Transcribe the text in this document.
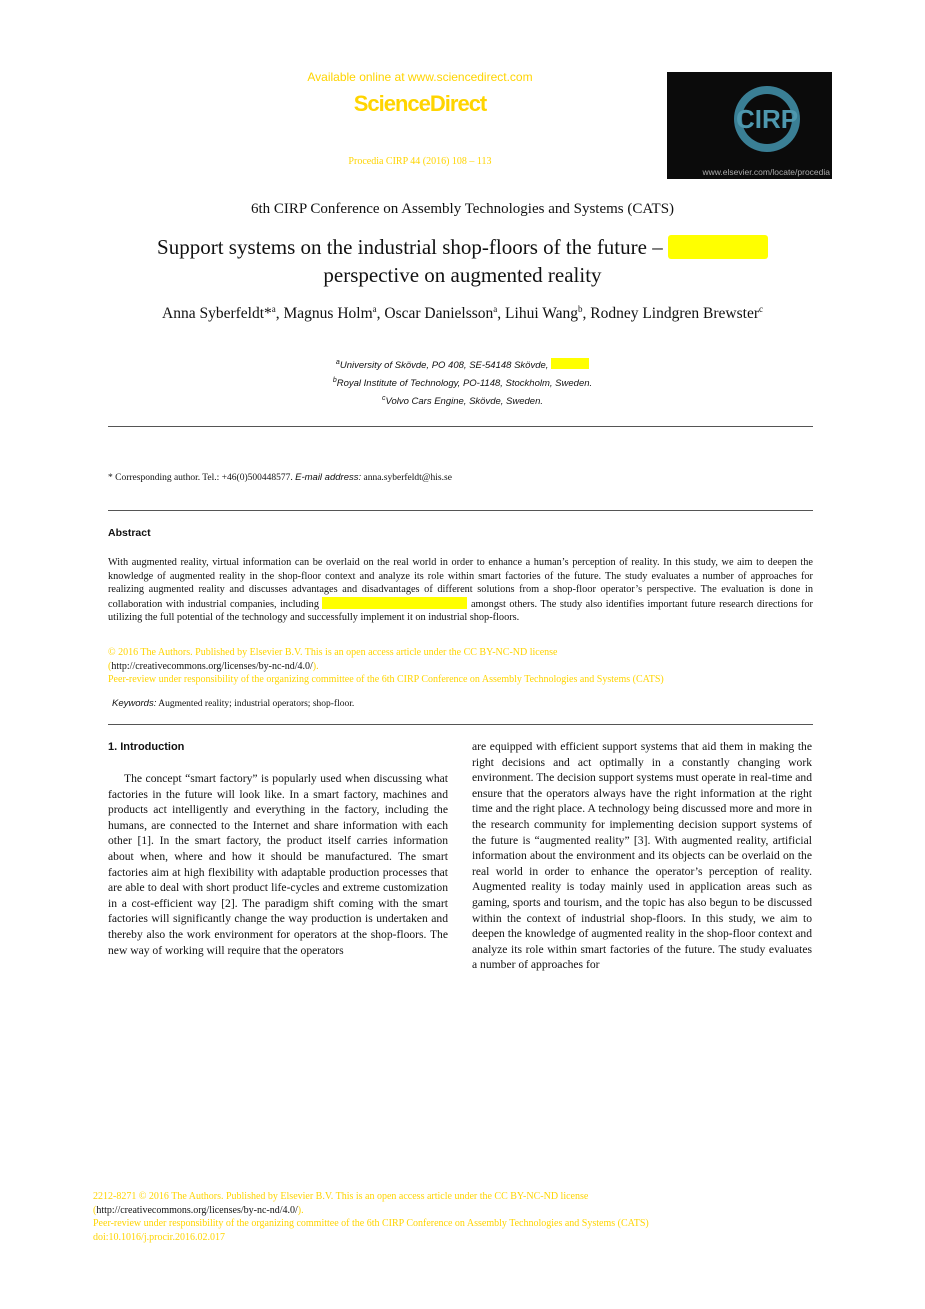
Available online at www.sciencedirect.com
ScienceDirect
Procedia CIRP 44 (2016) 108 – 113
CIRP
www.elsevier.com/locate/procedia
6th CIRP Conference on Assembly Technologies and Systems (CATS)
Support systems on the industrial shop-floors of the future –
perspective on augmented reality
Anna Syberfeldt*$^a$, Magnus Holm$^a$, Oscar Danielsson$^a$, Lihui Wang$^b$, Rodney Lindgren Brewster$^c$
$^a$University of Skövde, PO 408, SE-54148 Skövde,
$^b$Royal Institute of Technology, PO-1148, Stockholm, Sweden.
$^c$Volvo Cars Engine, Skövde, Sweden.
* Corresponding author. Tel.: +46(0)500448577. E-mail address: anna.syberfeldt@his.se
Abstract
With augmented reality, virtual information can be overlaid on the real world in order to enhance a human’s perception of reality. In this study, we aim to deepen the knowledge of augmented reality in the shop-floor context and analyze its role within smart factories of the future. The study evaluates a number of approaches for realizing augmented reality and discusses advantages and disadvantages of different solutions from a shop-floor operator’s perspective. The evaluation is done in collaboration with industrial companies, including	amongst others. The study also identifies important future research directions for utilizing the full potential of the technology and successfully implement it on industrial shop-floors.
© 2016 The Authors. Published by Elsevier B.V. This is an open access article under the CC BY-NC-ND license
(http://creativecommons.org/licenses/by-nc-nd/4.0/).
Peer-review under responsibility of the organizing committee of the 6th CIRP Conference on Assembly Technologies and Systems (CATS)
Keywords: Augmented reality; industrial operators; shop-floor.
1. Introduction
The concept “smart factory” is popularly used when discussing what factories in the future will look like. In a smart factory, machines and products act intelligently and everything in the factory, including the humans, are connected to the Internet and share information with each other [1]. In the smart factory, the product itself carries information about when, where and how it should be manufactured. The smart factories aim at high flexibility with adaptable production processes that are able to deal with short product life-cycles and extreme customization in a cost-efficient way [2]. The paradigm shift coming with the smart factories will significantly change the way production is undertaken and thereby also the work environment for operators at the shop-floors. The new way of working will require that the operators
are equipped with efficient support systems that aid them in making the right decisions and act optimally in a constantly changing work environment. The decision support systems must operate in real-time and ensure that the operators always have the right information at the right time and the right place. A technology being discussed more and more in the research community for implementing decision support systems of the future is “augmented reality” [3]. With augmented reality, artificial information about the environment and its objects can be overlaid on the real world in order to enhance the operator’s perception of reality. Augmented reality is today mainly used in application areas such as gaming, sports and tourism, and the topic has also begun to be discussed within the context of industrial shop-floors. In this study, we aim to deepen the knowledge of augmented reality in the shop-floor context and analyze its role within smart factories of the future. The study evaluates a number of approaches for
2212-8271 © 2016 The Authors. Published by Elsevier B.V. This is an open access article under the CC BY-NC-ND license
(http://creativecommons.org/licenses/by-nc-nd/4.0/).
Peer-review under responsibility of the organizing committee of the 6th CIRP Conference on Assembly Technologies and Systems (CATS)
doi:10.1016/j.procir.2016.02.017
